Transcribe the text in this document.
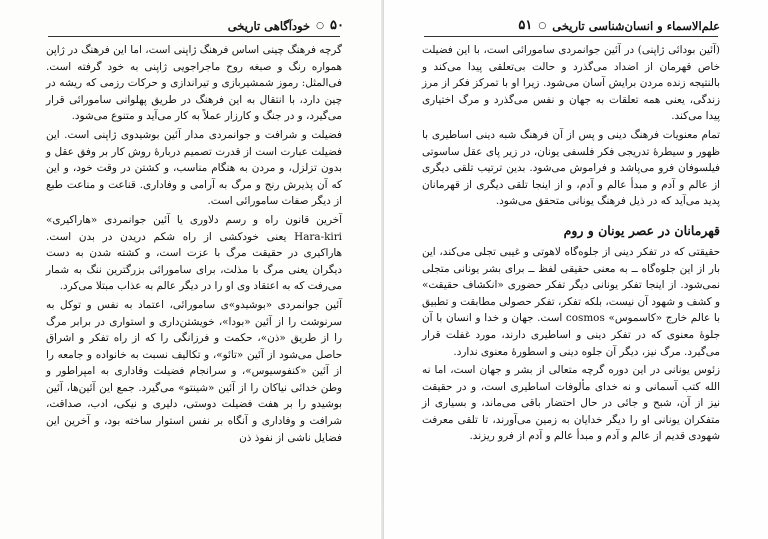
۵۰
○
خودآگاهی تاریخی

گرچه فرهنگ چینی اساس فرهنگ ژاپنی است، اما این فرهنگ در ژاپن همواره رنگ و صبغه روح ماجراجویی ژاپنی به خود گرفته است. فی‌المثل: رموز شمشیربازی و تیراندازی و حرکات رزمی که ریشه در چین دارد، با انتقال به این فرهنگ در طریق پهلوانی سامورائی قرار می‌گیرد، و در جنگ و کارزار عملاً به کار می‌آید و متنوع می‌شود.

فضیلت و شرافت و جوانمردی مدار آئین بوشیدوی ژاپنی است. این فضیلت عبارت است از قدرت تصمیم دربارهٔ روش کار بر وفق عقل و بدون تزلزل، و مردن به هنگام مناسب، و کشتن در وقت خود، و این که آن پذیرش رنج و مرگ به آرامی و وفاداری. قناعت و مناعت طبع از دیگر صفات سامورائی است.

آخرین قانون راه و رسم دلاوری یا آئین جوانمردی «هاراکیری» Hara-kiri یعنی خودکشی از راه شکم دریدن در بدن است. هاراکیری در حقیقت مرگ با عزت است، و کشته شدن به دست دیگران یعنی مرگ با مذلت، برای سامورائی بزرگترین ننگ به شمار می‌رفت که به اعتقاد وی او را در دیگر عالم به عذاب مبتلا می‌کرد.

آئین جوانمردی «بوشیدو»ی سامورائی، اعتماد به نفس و توکل به سرنوشت را از آئین «بودا»، خویشتن‌داری و استواری در برابر مرگ را از طریق «ذن»، حکمت و فرزانگی را که از راه تفکر و اشراق حاصل می‌شود از آئین «تائو»، و تکالیف نسبت به خانواده و جامعه را از آئین «کنفوسیوس»، و سرانجام فضیلت وفاداری به امپراطور و وطن خدائی نیاکان را از آئین «شینتو» می‌گیرد. جمع این آئین‌ها، آئین بوشیدو را بر هفت فضیلت دوستی، دلیری و نیکی، ادب، صداقت، شرافت و وفاداری و آنگاه بر نفس استوار ساخته بود، و آخرین این فضایل ناشی از نفوذ ذن

علم‌الاسماء و انسان‌شناسی تاریخی
○
۵۱

(آئین بودائی ژاپنی) در آئین جوانمردی سامورائی است، با این فضیلت خاص قهرمان از اضداد می‌گذرد و حالت بی‌تعلقی پیدا می‌کند و بالنتیجه زنده مردن برایش آسان می‌شود. زیرا او با تمرکز فکر از مرز زندگی، یعنی همه تعلقات به جهان و نفس می‌گذرد و مرگ اختیاری پیدا می‌کند.

تمام معنویات فرهنگ دینی و پس از آن فرهنگ شبه دینی اساطیری با ظهور و سیطرهٔ تدریجی فکر فلسفی یونان، در زیر پای عقل ساسوتی فیلسوفان فرو می‌پاشد و فراموش می‌شود. بدین ترتیب تلقی دیگری از عالم و آدم و مبدأ عالم و آدم، و از اینجا تلقی دیگری از قهرمانان پدید می‌آید که در ذیل فرهنگ یونانی متحقق می‌شود.

قهرمانان در عصر یونان و روم

حقیقتی که در تفکر دینی از جلوه‌گاه لاهوتی و غیبی تجلی می‌کند، این بار از این جلوه‌گاه ــ به معنی حقیقی لفظ ــ برای بشر یونانی متجلی نمی‌شود. از اینجا تفکر یونانی دیگر تفکر حضوری «انکشاف حقیقت» و کشف و شهود آن نیست، بلکه تفکر، تفکر حصولی مطابقت و تطبیق با عالم خارج «کاسموس» cosmos است. جهان و خدا و انسان با آن جلوهٔ معنوی که در تفکر دینی و اساطیری دارند، مورد غفلت قرار می‌گیرد. مرگ نیز، دیگر آن جلوه دینی و اسطورهٔ معنوی ندارد.

زئوس یونانی در این دوره گرچه متعالی از بشر و جهان است، اما نه الله کتب آسمانی و نه خدای مألوفات اساطیری است، و در حقیقت نیز از آن، شبح و جائی در حال احتضار باقی می‌ماند، و بسیاری از متفکران یونانی او را دیگر خدایان به زمین می‌آورند، تا تلقی معرفت شهودی قدیم از عالم و آدم و مبدأ عالم و آدم از فرو ریزند.
